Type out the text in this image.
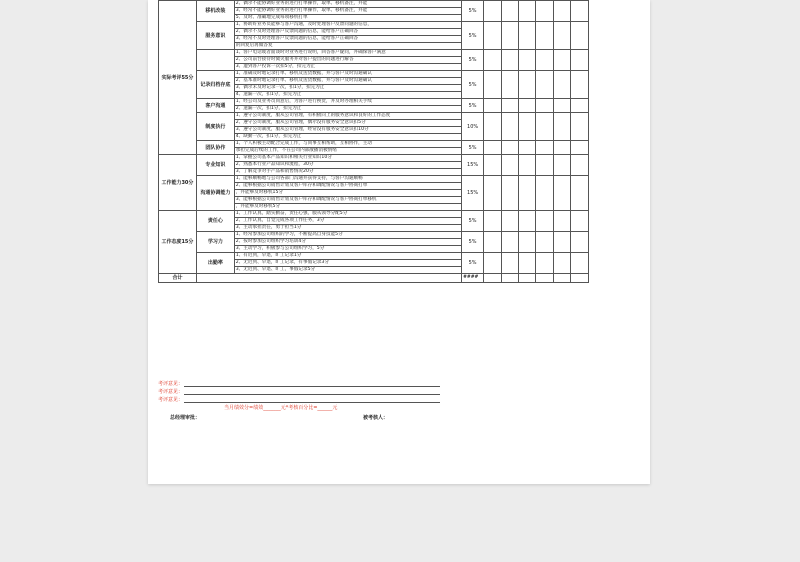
实际考评55分	移机改装	2、偶尔不能协调好业务的进行打单操作，取单、移机备注，并能	5%						
		3、经常不能协调好业务的进行打单操作，取单、移机备注，并能							
		5、及时、准确地完成每项移机打单							
	服务意识	1、协助好业务员能够与客户沟通，及时处理客户反馈问题的信息，	5%						
		2、偶尔不及时处理客户反馈问题的信息，能给客户正确回答							
		3、经常不及时处理客户反馈问题的信息，能给客户正确回答							
		的回复后再做答复							
		1、客户电话或者面谈时对业务进行说明，回答客户疑问，并确保客户满意	5%						
		2、公司前台接待时微笑服务并对客户提出的问题进行解答							
		3、遭到客户投诉一次扣5分，扣完为止							
	记录归档存底	1、准确及时地记录打单、移机及送货数据，并与客户及时沟通确认	5%						
		2、基本准时地记录打单、移机及送货数据，并与客户及时沟通确认							
		3、偶尔未及时记录一次，扣1分，扣完为止							
		4、遗漏一次，扣1分，扣完为止							
	客户沟通	1、经公司及业务员同意后，为客户进行换货，并及时办理相关手续	5%						
		2、遗漏一次，扣1分，扣完为止							
	制度执行	1、遵守公司制度，服从公司管理，有积极向上的服务意识和良好的工作态度	10%						
		2、遵守公司制度，服从公司管理，偶尔没有服务安全意识扣5分							
		3、遵守公司制度，服从公司管理，经常没有服务安全意识扣10分							
		4、缺勤一次，扣1分，扣完为止							
	团队协作	1、个人积极主动配合完成工作，与同事互相帮助，互相协作，主动	5%						
		承担完成后续的工作，不在公司内部散播消极情绪							
工作能力30分	专业知识	1、掌握公司基本产品知识和相关行业知识10分	15%						
		2、熟悉本行业产品知识和流程，30分							
		3、了解竞争对手产品和销售情况20分							
	沟通协调能力	1、能够顺畅地与公司各部门沟通并获得支持，与客户沟通顺畅	15%						
		2、能够根据公司销售计划及客户库存和调配情况与客户协商打单							
		，并能够及时移机15分							
		3、能够根据公司销售计划及客户库存和调配情况与客户协商打单移机							
		，并能够及时移机5分							
工作态度15分	责任心	1、工作认真，踏实勤奋，责任心强，服从领导分配5分	5%						
		2、工作认真，自觉完成各项工作任务，3分							
		3、主动承担责任，勇于担当1分							
	学习力	1、经常参加公司组织的学习，不断提高自身技能5分	5%						
		2、按时参加公司组织学习培训4分							
		3、主动学习，积极参与公司组织学习，5分							
	出勤率	1、有迟到，早退，旷工记录1分	5%						
		2、无迟到、早退，旷工记录，有事假记录3分							
		3、无迟到、早退、旷工，事假记录5分							
合计			####						
考评意见：
考评意见：
考评意见：
当月绩效分=绩效_______元*考核百分比=______元
总经理审批：	被考核人：
